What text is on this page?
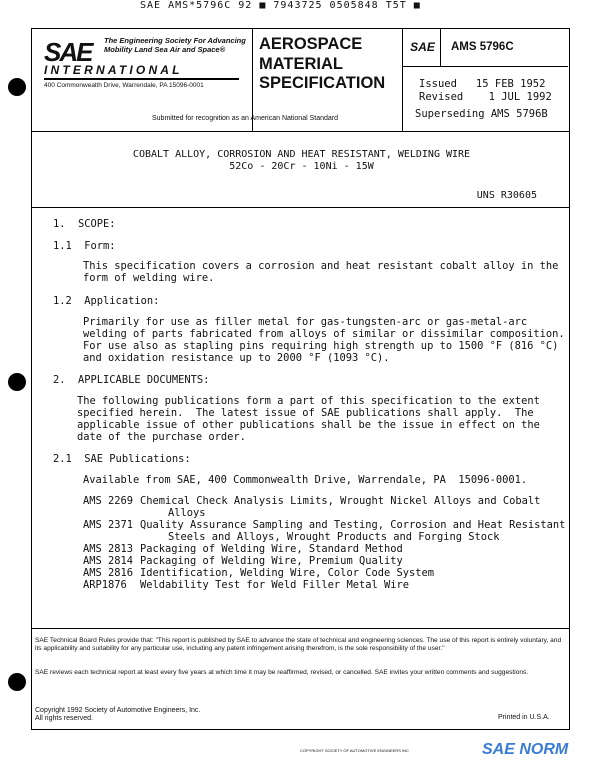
SAE AMS*5796C 92 ■ 7943725 0505848 T5T ■
SAE The Engineering Society For Advancing Mobility Land Sea Air and Space®
INTERNATIONAL
400 Commonwealth Drive, Warrendale, PA 15096-0001
AEROSPACE
MATERIAL
SPECIFICATION
Submitted for recognition as an American National Standard
SAE	AMS 5796C
Issued 15 FEB 1952
Revised 1 JUL 1992
Superseding AMS 5796B
COBALT ALLOY, CORROSION AND HEAT RESISTANT, WELDING WIRE
52Co - 20Cr - 10Ni - 15W
UNS R30605
1.  SCOPE:
1.1  Form:
This specification covers a corrosion and heat resistant cobalt alloy in the
form of welding wire.
1.2  Application:
Primarily for use as filler metal for gas-tungsten-arc or gas-metal-arc
welding of parts fabricated from alloys of similar or dissimilar composition.
For use also as stapling pins requiring high strength up to 1500 °F (816 °C)
and oxidation resistance up to 2000 °F (1093 °C).
2.  APPLICABLE DOCUMENTS:
The following publications form a part of this specification to the extent
specified herein.  The latest issue of SAE publications shall apply.  The
applicable issue of other publications shall be the issue in effect on the
date of the purchase order.
2.1  SAE Publications:
Available from SAE, 400 Commonwealth Drive, Warrendale, PA  15096-0001.
AMS 2269 Chemical Check Analysis Limits, Wrought Nickel Alloys and Cobalt
Alloys
AMS 2371 Quality Assurance Sampling and Testing, Corrosion and Heat Resistant
Steels and Alloys, Wrought Products and Forging Stock
AMS 2813 Packaging of Welding Wire, Standard Method
AMS 2814 Packaging of Welding Wire, Premium Quality
AMS 2816 Identification, Welding Wire, Color Code System
ARP1876 Weldability Test for Weld Filler Metal Wire
SAE Technical Board Rules provide that: "This report is published by SAE to advance the state of technical and engineering sciences. The use of this report is entirely voluntary, and its applicability and suitability for any particular use, including any patent infringement arising therefrom, is the sole responsibility of the user."
SAE reviews each technical report at least every five years at which time it may be reaffirmed, revised, or cancelled. SAE invites your written comments and suggestions.
Copyright 1992 Society of Automotive Engineers, Inc.
All rights reserved.	Printed in U.S.A.
COPYRIGHT SOCIETY OF AUTOMOTIVE ENGINEERS INC	SAE NORM
